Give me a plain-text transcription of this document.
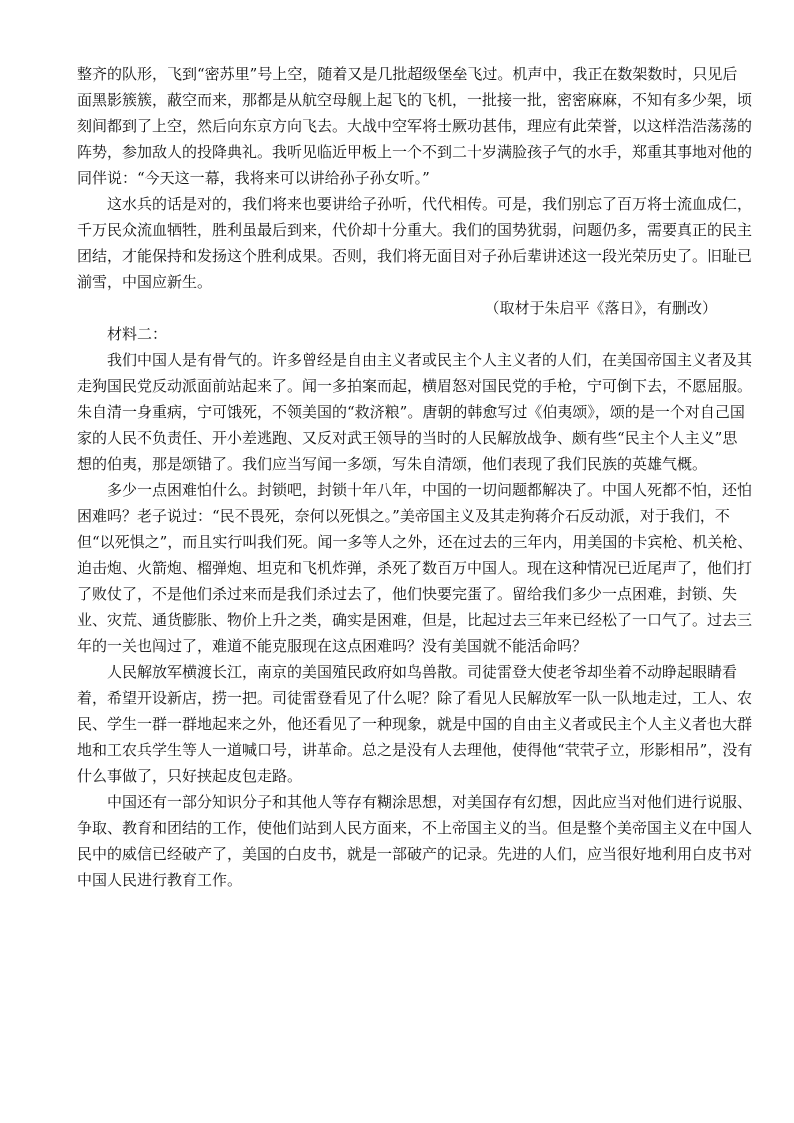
整齐的队形，飞到“密苏里”号上空，随着又是几批超级堡垒飞过。机声中，我正在数架数时，只见后
面黑影簇簇，蔽空而来，那都是从航空母舰上起飞的飞机，一批接一批，密密麻麻，不知有多少架，顷
刻间都到了上空，然后向东京方向飞去。大战中空军将士厥功甚伟，理应有此荣誉，以这样浩浩荡荡的
阵势，参加敌人的投降典礼。我听见临近甲板上一个不到二十岁满脸孩子气的水手，郑重其事地对他的
同伴说：“今天这一幕，我将来可以讲给孙子孙女听。”

这水兵的话是对的，我们将来也要讲给子孙听，代代相传。可是，我们别忘了百万将士流血成仁，
千万民众流血牺牲，胜利虽最后到来，代价却十分重大。我们的国势犹弱，问题仍多，需要真正的民主
团结，才能保持和发扬这个胜利成果。否则，我们将无面目对子孙后辈讲述这一段光荣历史了。旧耻已
湔雪，中国应新生。

（取材于朱启平《落日》，有删改）

材料二：

我们中国人是有骨气的。许多曾经是自由主义者或民主个人主义者的人们，在美国帝国主义者及其
走狗国民党反动派面前站起来了。闻一多拍案而起，横眉怒对国民党的手枪，宁可倒下去，不愿屈服。
朱自清一身重病，宁可饿死，不领美国的“救济粮”。唐朝的韩愈写过《伯夷颂》，颂的是一个对自己国
家的人民不负责任、开小差逃跑、又反对武王领导的当时的人民解放战争、颇有些“民主个人主义”思
想的伯夷，那是颂错了。我们应当写闻一多颂，写朱自清颂，他们表现了我们民族的英雄气概。

多少一点困难怕什么。封锁吧，封锁十年八年，中国的一切问题都解决了。中国人死都不怕，还怕
困难吗？老子说过：“民不畏死，奈何以死惧之。”美帝国主义及其走狗蒋介石反动派，对于我们，不
但“以死惧之”，而且实行叫我们死。闻一多等人之外，还在过去的三年内，用美国的卡宾枪、机关枪、
迫击炮、火箭炮、榴弹炮、坦克和飞机炸弹，杀死了数百万中国人。现在这种情况已近尾声了，他们打
了败仗了，不是他们杀过来而是我们杀过去了，他们快要完蛋了。留给我们多少一点困难，封锁、失
业、灾荒、通货膨胀、物价上升之类，确实是困难，但是，比起过去三年来已经松了一口气了。过去三
年的一关也闯过了，难道不能克服现在这点困难吗？没有美国就不能活命吗？

人民解放军横渡长江，南京的美国殖民政府如鸟兽散。司徒雷登大使老爷却坐着不动睁起眼睛看
着，希望开设新店，捞一把。司徒雷登看见了什么呢？除了看见人民解放军一队一队地走过，工人、农
民、学生一群一群地起来之外，他还看见了一种现象，就是中国的自由主义者或民主个人主义者也大群
地和工农兵学生等人一道喊口号，讲革命。总之是没有人去理他，使得他“茕茕孑立，形影相吊”，没有
什么事做了，只好挟起皮包走路。

中国还有一部分知识分子和其他人等存有糊涂思想，对美国存有幻想，因此应当对他们进行说服、
争取、教育和团结的工作，使他们站到人民方面来，不上帝国主义的当。但是整个美帝国主义在中国人
民中的威信已经破产了，美国的白皮书，就是一部破产的记录。先进的人们，应当很好地利用白皮书对
中国人民进行教育工作。
